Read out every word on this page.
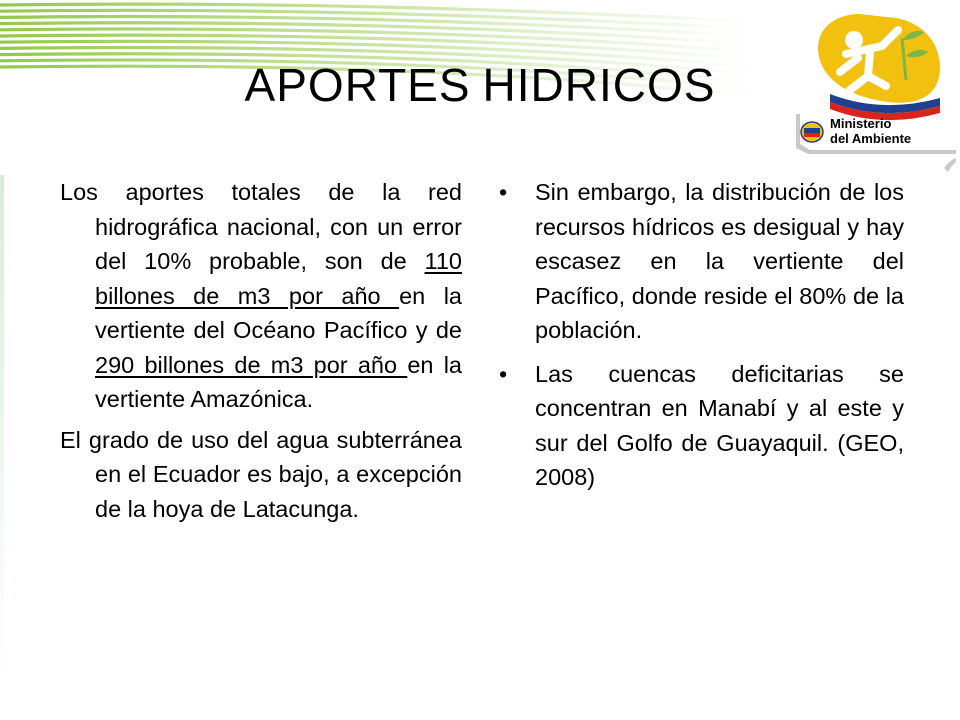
APORTES HIDRICOS
Ministerio
del Ambiente

Los aportes totales de la red hidrográfica nacional, con un error del 10% probable, son de 110 billones de m3 por año en la vertiente del Océano Pacífico y de 290 billones de m3 por año en la vertiente Amazónica.

El grado de uso del agua subterránea en el Ecuador es bajo, a excepción de la hoya de Latacunga.

• Sin embargo, la distribución de los recursos hídricos es desigual y hay escasez en la vertiente del Pacífico, donde reside el 80% de la población.
• Las cuencas deficitarias se concentran en Manabí y al este y sur del Golfo de Guayaquil. (GEO, 2008)
